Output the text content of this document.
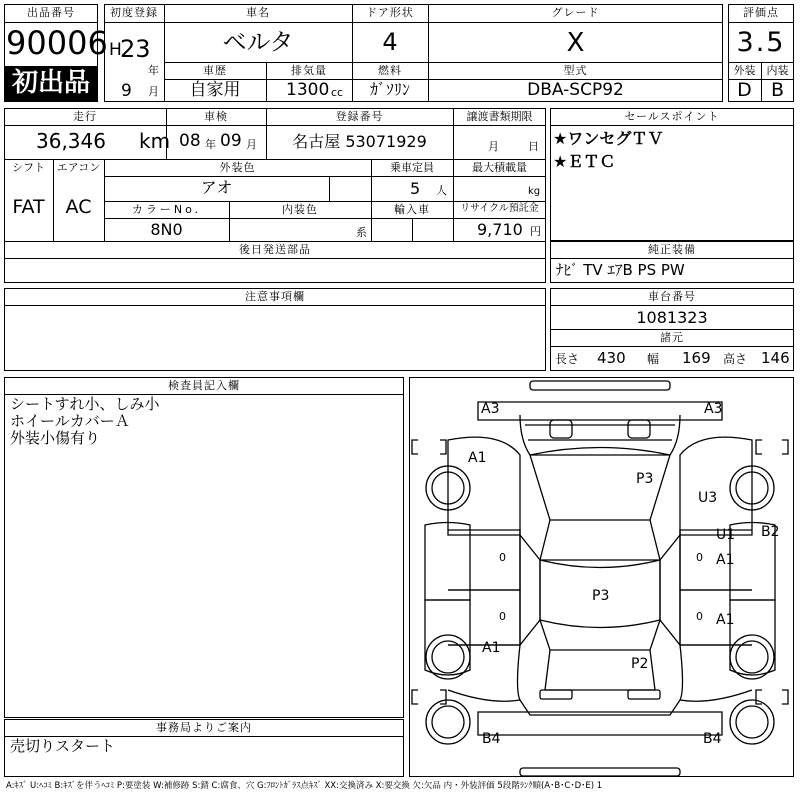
出品番号
90006
初出品
初度登録
H
23
年
9 月
車名
ベルタ
ドア形状
4
グレード
X
車歴
自家用
排気量
1300 cc
燃料
ｶﾞｿﾘﾝ
型式
DBA-SCP92
評価点
3.5
外装	内装
D	B
走行
36,346 km
車検
08 年 09 月
登録番号
名古屋 53071929
譲渡書類期限
月	日
シフト
FAT
エアコン
AC
外装色
アオ
乗車定員
5 人
最大積載量
kg
カラーNo.
8N0
内装色
系
輸入車	リサイクル預託金
9,710 円
後日発送部品
セールスポイント
★ワンセグＴＶ
★ＥＴＣ
純正装備
ﾅﾋﾞ TV ｴｱB PS PW
注意事項欄	車台番号
1081323
諸元
長さ 430 幅 169 高さ 146
検査員記入欄
シートすれ小、しみ小
ホイールカバーＡ
外装小傷有り
事務局よりご案内
売切りスタート
A3	A3
A1
P3
U3
B2
U1
A1
P3
A1
A1
P2
B4	B4
0	0
0	0
A:ｷｽﾞ U:ﾍｺﾐ B:ｷｽﾞを伴うﾍｺﾐ P:要塗装 W:補修跡 S:錆 C:腐食、穴 G:ﾌﾛﾝﾄｶﾞﾗｽ点ｷｽﾞ XX:交換済み X:要交換 欠:欠品 内・外装評価 5段階ﾗﾝｸ順(A･B･C･D･E) 1
